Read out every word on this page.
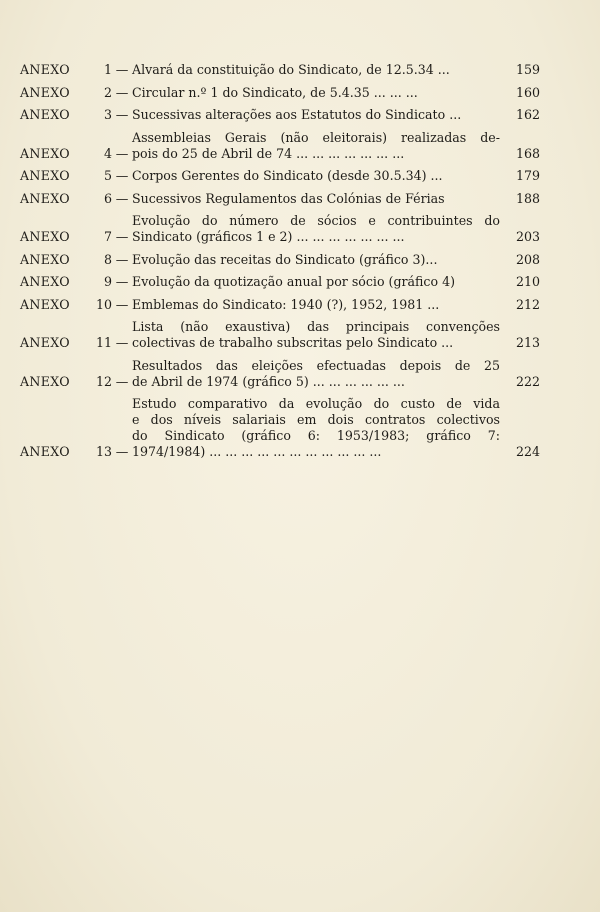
ANEXO	1 — Alvará da constituição do Sindicato, de 12.5.34 ...	159
ANEXO	2 — Circular n.º 1 do Sindicato, de 5.4.35 ... ... ...	160
ANEXO	3 — Sucessivas alterações aos Estatutos do Sindicato ...	162
ANEXO	4 —
Assembleias Gerais (não eleitorais) realizadas de-
pois do 25 de Abril de 74 ... ... ... ... ... ... ...	168
ANEXO	5 — Corpos Gerentes do Sindicato (desde 30.5.34) ...	179
ANEXO	6 — Sucessivos Regulamentos das Colónias de Férias	188
ANEXO	7 —
Evolução do número de sócios e contribuintes do
Sindicato (gráficos 1 e 2) ... ... ... ... ... ... ...	203
ANEXO	8 — Evolução das receitas do Sindicato (gráfico 3)...	208
ANEXO	9 — Evolução da quotização anual por sócio (gráfico 4)	210
ANEXO	10 — Emblemas do Sindicato: 1940 (?), 1952, 1981 ...	212
ANEXO	11 —
Lista (não exaustiva) das principais convenções
colectivas de trabalho subscritas pelo Sindicato ...	213
ANEXO	12 —
Resultados das eleições efectuadas depois de 25
de Abril de 1974 (gráfico 5) ... ... ... ... ... ...	222
ANEXO	13 —
Estudo comparativo da evolução do custo de vida
e dos níveis salariais em dois contratos colectivos
do Sindicato (gráfico 6: 1953/1983; gráfico 7:
1974/1984) ... ... ... ... ... ... ... ... ... ... ...	224
